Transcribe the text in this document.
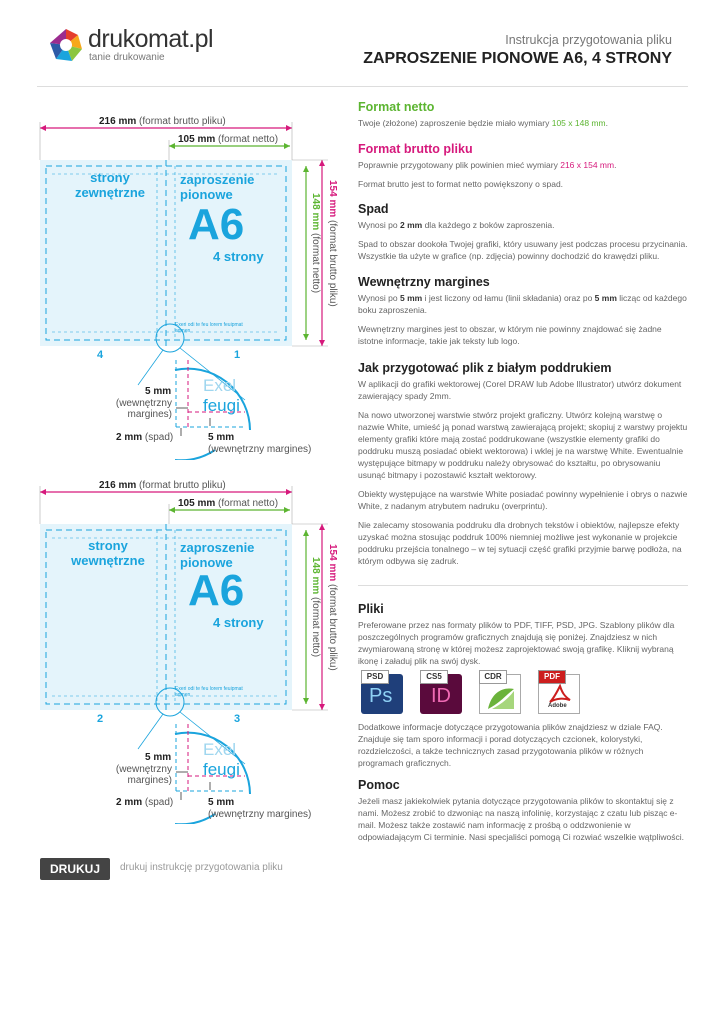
drukomat.pl
tanie drukowanie
Instrukcja przygotowania pliku
ZAPROSZENIE PIONOWE A6, 4 STRONY
216 mm (format brutto pliku)
105 mm (format netto)
strony
zewnętrzne
zaproszenie
pionowe
A6
4 strony
Exeri odi te feu lorem feuipmat admen
154 mm (format brutto pliku)
148 mm (format netto)
4	1
Exel
feugi
5 mm
(wewnętrzny
margines)
2 mm (spad)	5 mm
(wewnętrzny margines)
216 mm (format brutto pliku)
105 mm (format netto)
strony
wewnętrzne
zaproszenie
pionowe
A6
4 strony
Exeri odi te feu lorem feuipmat admen
154 mm (format brutto pliku)
148 mm (format netto)
2	3
Exel
feugi
5 mm
(wewnętrzny
margines)
2 mm (spad)	5 mm
(wewnętrzny margines)
Format netto
Twoje (złożone) zaproszenie będzie miało wymiary 105 x 148 mm.
Format brutto pliku
Poprawnie przygotowany plik powinien mieć wymiary 216 x 154 mm.
Format brutto jest to format netto powiększony o spad.
Spad
Wynosi po 2 mm dla każdego z boków zaproszenia.
Spad to obszar dookoła Twojej grafiki, który usuwany jest podczas procesu przycinania. Wszystkie tła użyte w grafice (np. zdjęcia) powinny dochodzić do krawędzi pliku.
Wewnętrzny margines
Wynosi po 5 mm i jest liczony od łamu (linii składania) oraz po 5 mm licząc od każdego boku zaproszenia.
Wewnętrzny margines jest to obszar, w którym nie powinny znajdować się żadne istotne informacje, takie jak teksty lub logo.
Jak przygotować plik z białym poddrukiem
W aplikacji do grafiki wektorowej (Corel DRAW lub Adobe Illustrator) utwórz dokument zawierający spady 2mm.
Na nowo utworzonej warstwie stwórz projekt graficzny. Utwórz kolejną warstwę o nazwie White, umieść ją ponad warstwą zawierającą projekt; skopiuj z warstwy projektu elementy grafiki które mają zostać poddrukowane (wszystkie elementy grafiki do poddruku muszą posiadać obiekt wektorowa) i wklej je na warstwę White. Ewentualnie występujące bitmapy w poddruku należy obrysować do kształtu, po obrysowaniu usunąć bitmapy i pozostawić kształt wektorowy.
Obiekty występujące na warstwie White posiadać powinny wypełnienie i obrys o nazwie White, z nadanym atrybutem nadruku (overprintu).
Nie zalecamy stosowania poddruku dla drobnych tekstów i obiektów, najlepsze efekty uzyskać można stosując poddruk 100% niemniej możliwe jest wykonanie w projekcie poddruku przejścia tonalnego – w tej sytuacji część grafiki przyjmie barwę podłoża, na którym odbywa się zadruk.
Pliki
Preferowane przez nas formaty plików to PDF, TIFF, PSD, JPG. Szablony plików dla poszczególnych programów graficznych znajdują się poniżej. Znajdziesz w nich zwymiarowaną stronę w której możesz zaprojektować swoją grafikę. Kliknij wybraną ikonę i załaduj plik na swój dysk.
PSD
Ps
CS5
ID
CDR	PDF
Adobe
Dodatkowe informacje dotyczące przygotowania plików znajdziesz w dziale FAQ. Znajduje się tam sporo informacji i porad dotyczących czcionek, kolorystyki, rozdzielczości, a także technicznych zasad przygotowania plików w różnych programach graficznych.
Pomoc
Jeżeli masz jakiekolwiek pytania dotyczące przygotowania plików to skontaktuj się z nami. Możesz zrobić to dzwoniąc na naszą infolinię, korzystając z czatu lub pisząc e-mail. Możesz także zostawić nam informację z prośbą o oddzwonienie w odpowiadającym Ci terminie. Nasi specjaliści pomogą Ci rozwiać wszelkie wątpliwości.
DRUKUJ	drukuj instrukcję przygotowania pliku
